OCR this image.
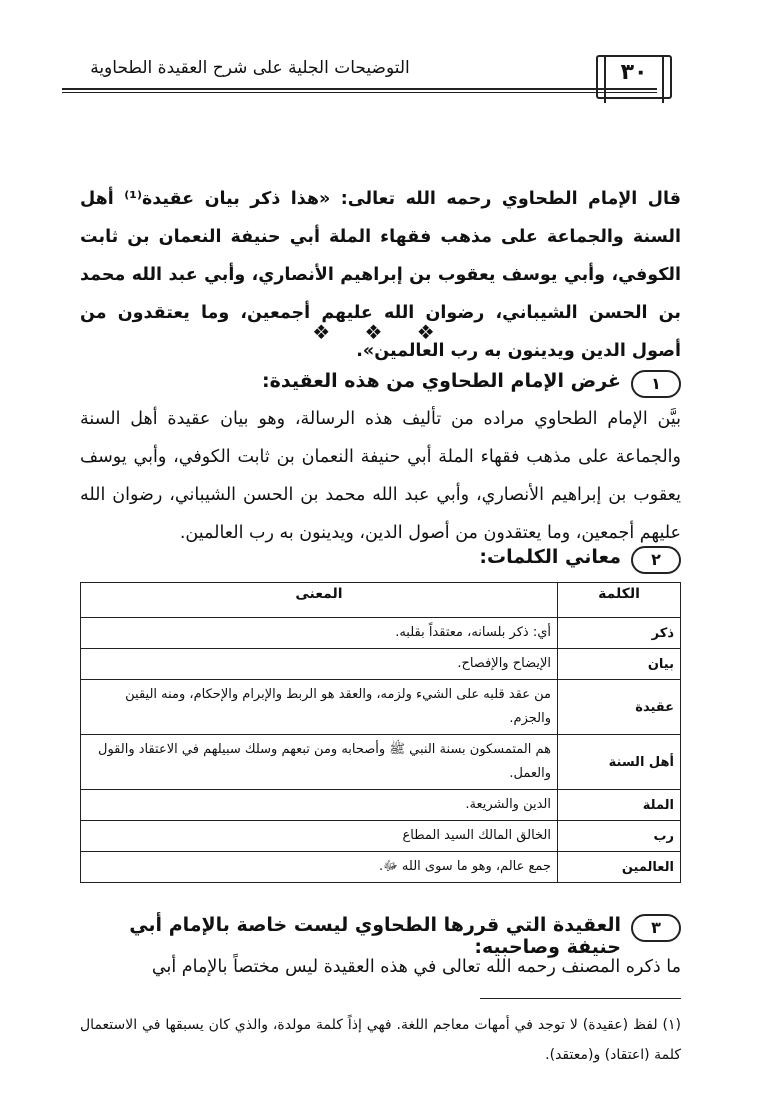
٣٠
التوضيحات الجلية على شرح العقيدة الطحاوية
قال الإمام الطحاوي رحمه الله تعالى: «هذا ذكر بيان عقيدة⁽¹⁾ أهل السنة والجماعة على مذهب فقهاء الملة أبي حنيفة النعمان بن ثابت الكوفي، وأبي يوسف يعقوب بن إبراهيم الأنصاري، وأبي عبد الله محمد بن الحسن الشيباني، رضوان الله عليهم أجمعين، وما يعتقدون من أصول الدين ويدينون به رب العالمين».
❖ ❖ ❖
١
غرض الإمام الطحاوي من هذه العقيدة:
بيَّن الإمام الطحاوي مراده من تأليف هذه الرسالة، وهو بيان عقيدة أهل السنة والجماعة على مذهب فقهاء الملة أبي حنيفة النعمان بن ثابت الكوفي، وأبي يوسف يعقوب بن إبراهيم الأنصاري، وأبي عبد الله محمد بن الحسن الشيباني، رضوان الله عليهم أجمعين، وما يعتقدون من أصول الدين، ويدينون به رب العالمين.
٢
معاني الكلمات:
الكلمة	المعنى
ذكر	أي: ذكر بلسانه، معتقداً بقلبه.
بيان	الإيضاح والإفصاح.
عقيدة	من عقد قلبه على الشيء ولزمه، والعقد هو الربط والإبرام والإحكام، ومنه اليقين والجزم.
أهل السنة	هم المتمسكون بسنة النبي ﷺ وأصحابه ومن تبعهم وسلك سبيلهم في الاعتقاد والقول والعمل.
الملة	الدين والشريعة.
رب	الخالق المالك السيد المطاع
العالمين	جمع عالم، وهو ما سوى الله ﷻ.
٣
العقيدة التي قررها الطحاوي ليست خاصة بالإمام أبي حنيفة وصاحبيه:
ما ذكره المصنف رحمه الله تعالى في هذه العقيدة ليس مختصاً بالإمام أبي
(١) لفظ (عقيدة) لا توجد في أمهات معاجم اللغة. فهي إذاً كلمة مولدة، والذي كان يسبقها في الاستعمال كلمة (اعتقاد) و(معتقد).
